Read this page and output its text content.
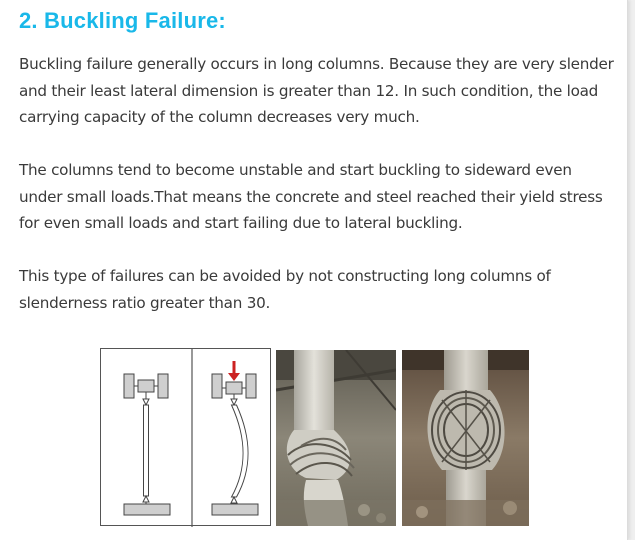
2. Buckling Failure:

Buckling failure generally occurs in long columns. Because they are very slender and their least lateral dimension is greater than 12. In such condition, the load carrying capacity of the column decreases very much.

The columns tend to become unstable and start buckling to sideward even under small loads.That means the concrete and steel reached their yield stress for even small loads and start failing due to lateral buckling.

This type of failures can be avoided by not constructing long columns of slenderness ratio greater than 30.
